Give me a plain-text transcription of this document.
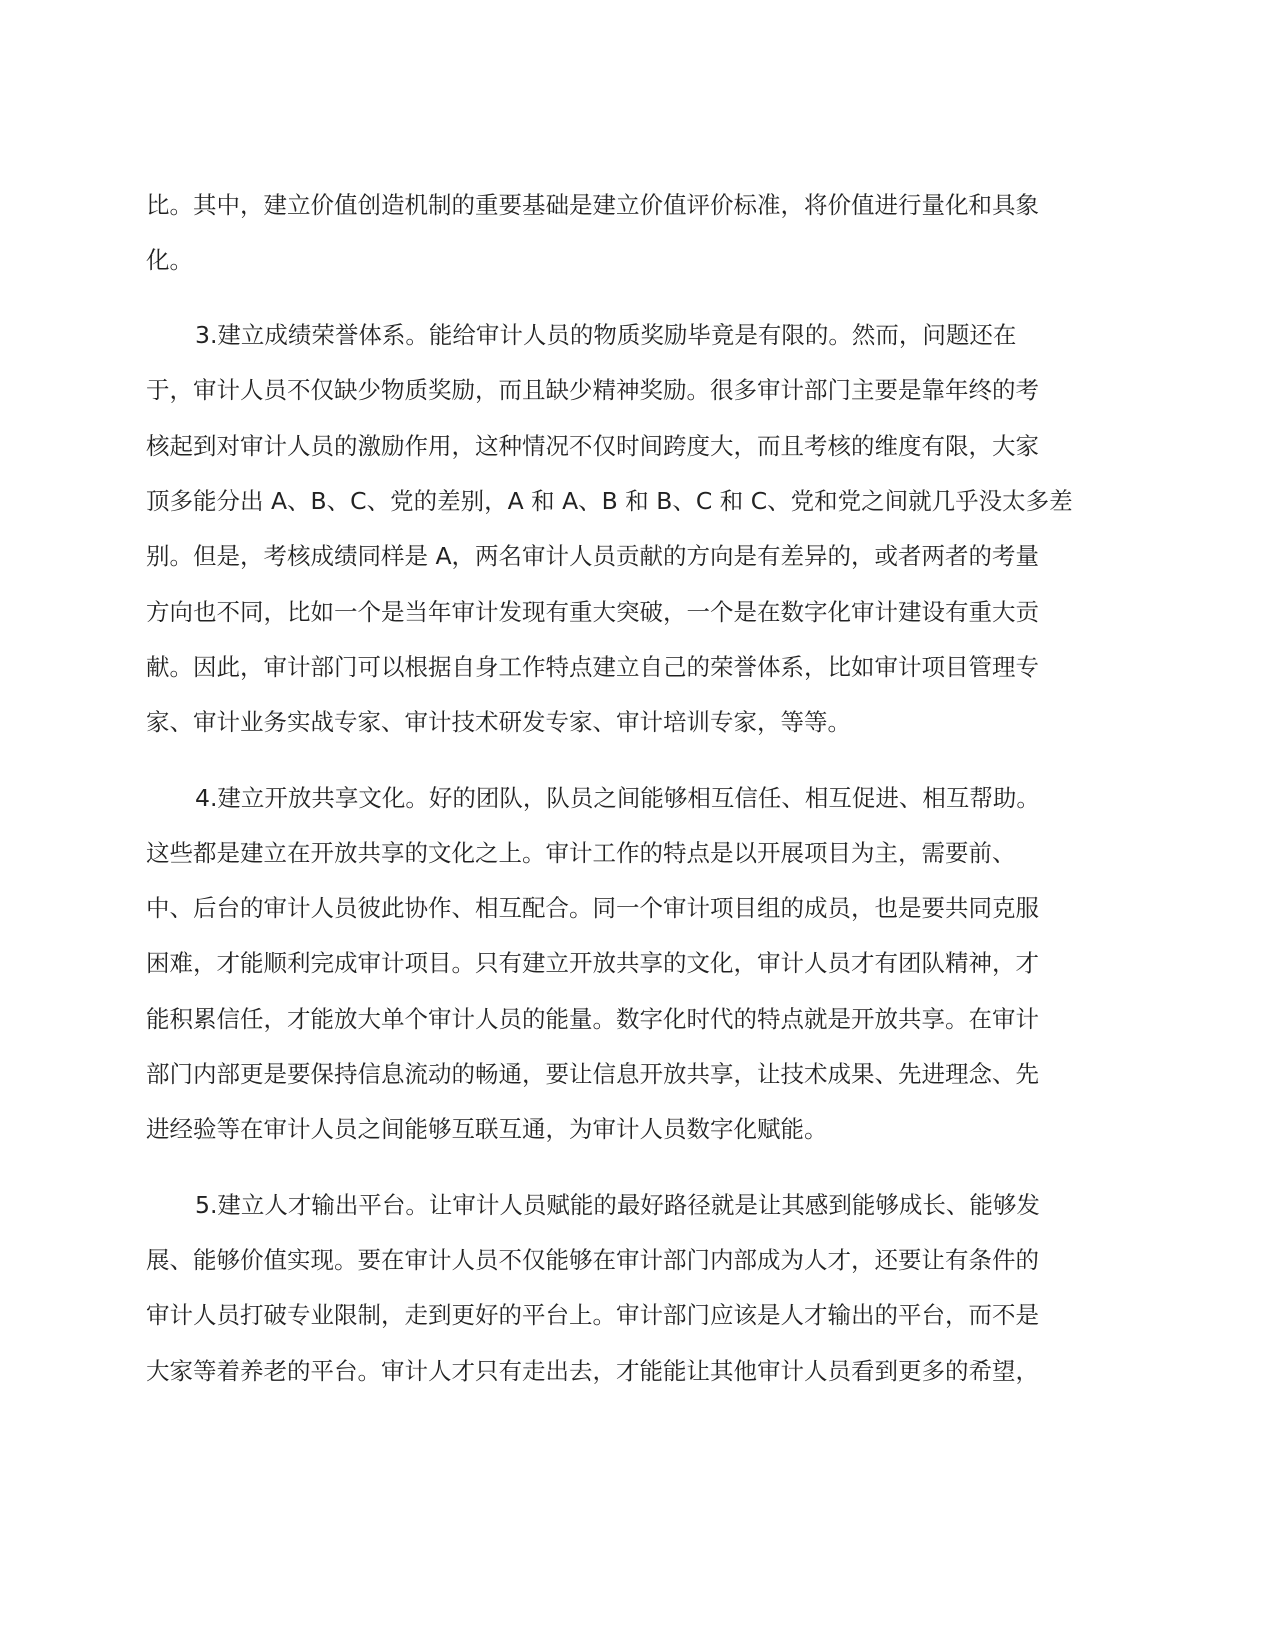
比。其中，建立价值创造机制的重要基础是建立价值评价标准，将价值进行量化和具象
化。
3.建立成绩荣誉体系。能给审计人员的物质奖励毕竟是有限的。然而，问题还在
于，审计人员不仅缺少物质奖励，而且缺少精神奖励。很多审计部门主要是靠年终的考
核起到对审计人员的激励作用，这种情况不仅时间跨度大，而且考核的维度有限，大家
顶多能分出 A、B、C、党的差别，A 和 A、B 和 B、C 和 C、党和党之间就几乎没太多差
别。但是，考核成绩同样是 A，两名审计人员贡献的方向是有差异的，或者两者的考量
方向也不同，比如一个是当年审计发现有重大突破，一个是在数字化审计建设有重大贡
献。因此，审计部门可以根据自身工作特点建立自己的荣誉体系，比如审计项目管理专
家、审计业务实战专家、审计技术研发专家、审计培训专家，等等。
4.建立开放共享文化。好的团队，队员之间能够相互信任、相互促进、相互帮助。
这些都是建立在开放共享的文化之上。审计工作的特点是以开展项目为主，需要前、
中、后台的审计人员彼此协作、相互配合。同一个审计项目组的成员，也是要共同克服
困难，才能顺利完成审计项目。只有建立开放共享的文化，审计人员才有团队精神，才
能积累信任，才能放大单个审计人员的能量。数字化时代的特点就是开放共享。在审计
部门内部更是要保持信息流动的畅通，要让信息开放共享，让技术成果、先进理念、先
进经验等在审计人员之间能够互联互通，为审计人员数字化赋能。
5.建立人才输出平台。让审计人员赋能的最好路径就是让其感到能够成长、能够发
展、能够价值实现。要在审计人员不仅能够在审计部门内部成为人才，还要让有条件的
审计人员打破专业限制，走到更好的平台上。审计部门应该是人才输出的平台，而不是
大家等着养老的平台。审计人才只有走出去，才能能让其他审计人员看到更多的希望，
